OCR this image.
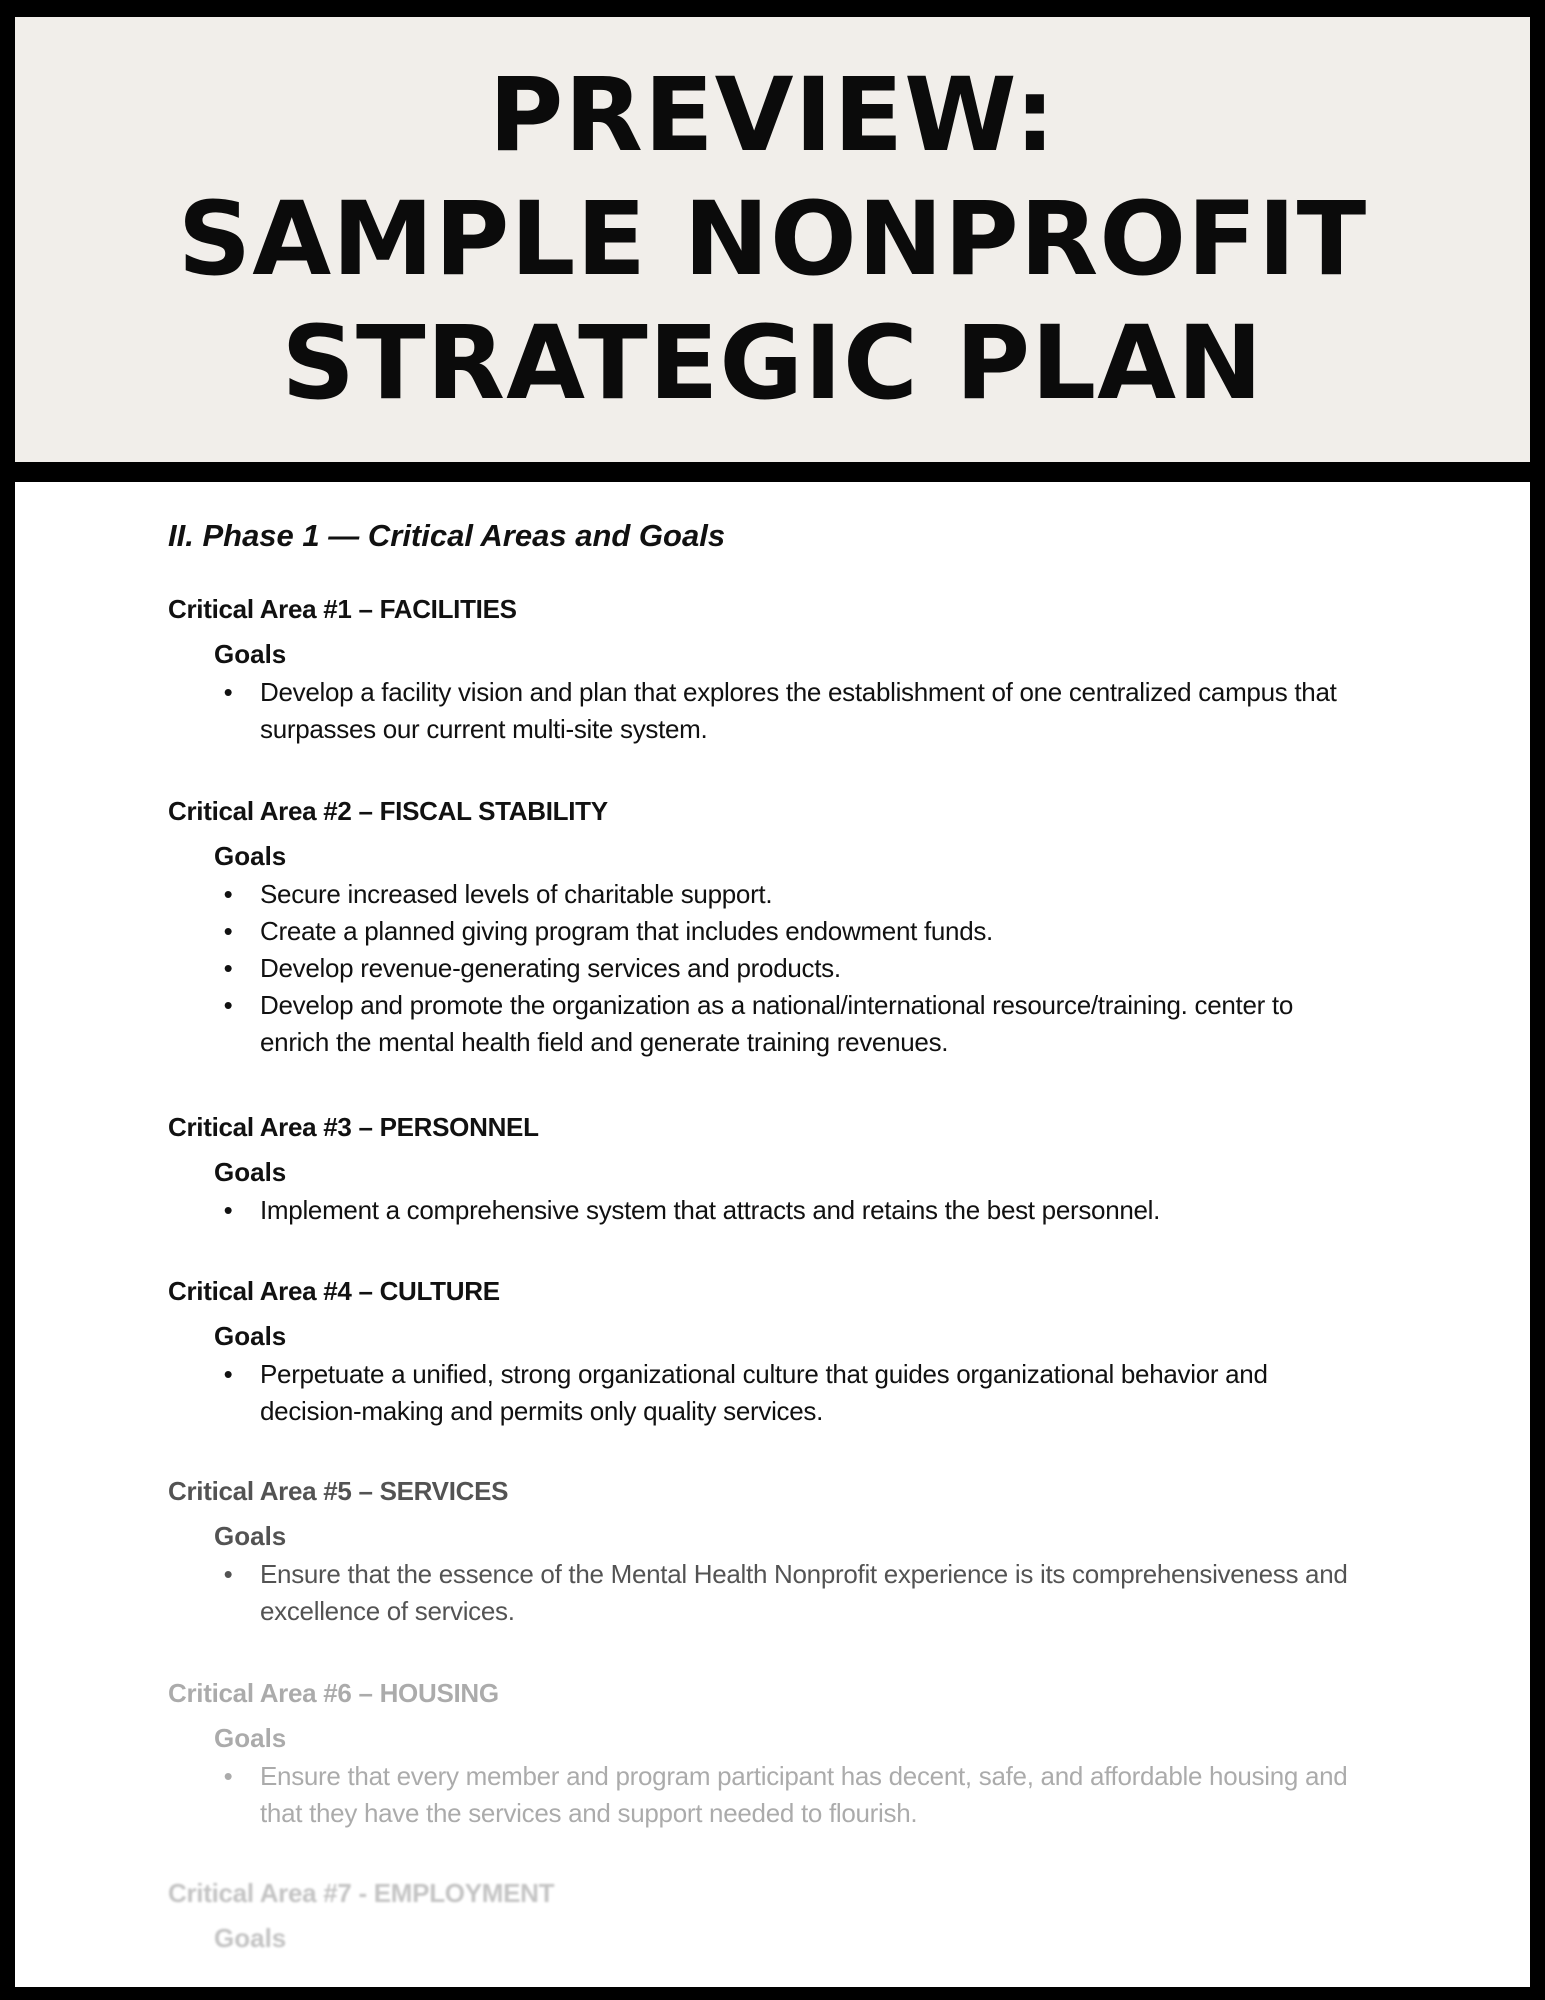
PREVIEW:
SAMPLE NONPROFIT
STRATEGIC PLAN
II. Phase 1 — Critical Areas and Goals
Critical Area #1 – FACILITIES
Goals
• Develop a facility vision and plan that explores the establishment of one centralized campus that surpasses our current multi-site system.
Critical Area #2 – FISCAL STABILITY
Goals
• Secure increased levels of charitable support.
• Create a planned giving program that includes endowment funds.
• Develop revenue-generating services and products.
• Develop and promote the organization as a national/international resource/training. center to enrich the mental health field and generate training revenues.
Critical Area #3 – PERSONNEL
Goals
• Implement a comprehensive system that attracts and retains the best personnel.
Critical Area #4 – CULTURE
Goals
• Perpetuate a unified, strong organizational culture that guides organizational behavior and decision-making and permits only quality services.
Critical Area #5 – SERVICES
Goals
• Ensure that the essence of the Mental Health Nonprofit experience is its comprehensiveness and excellence of services.
Critical Area #6 – HOUSING
Goals
• Ensure that every member and program participant has decent, safe, and affordable housing and that they have the services and support needed to flourish.
Critical Area #7 - EMPLOYMENT
Goals
